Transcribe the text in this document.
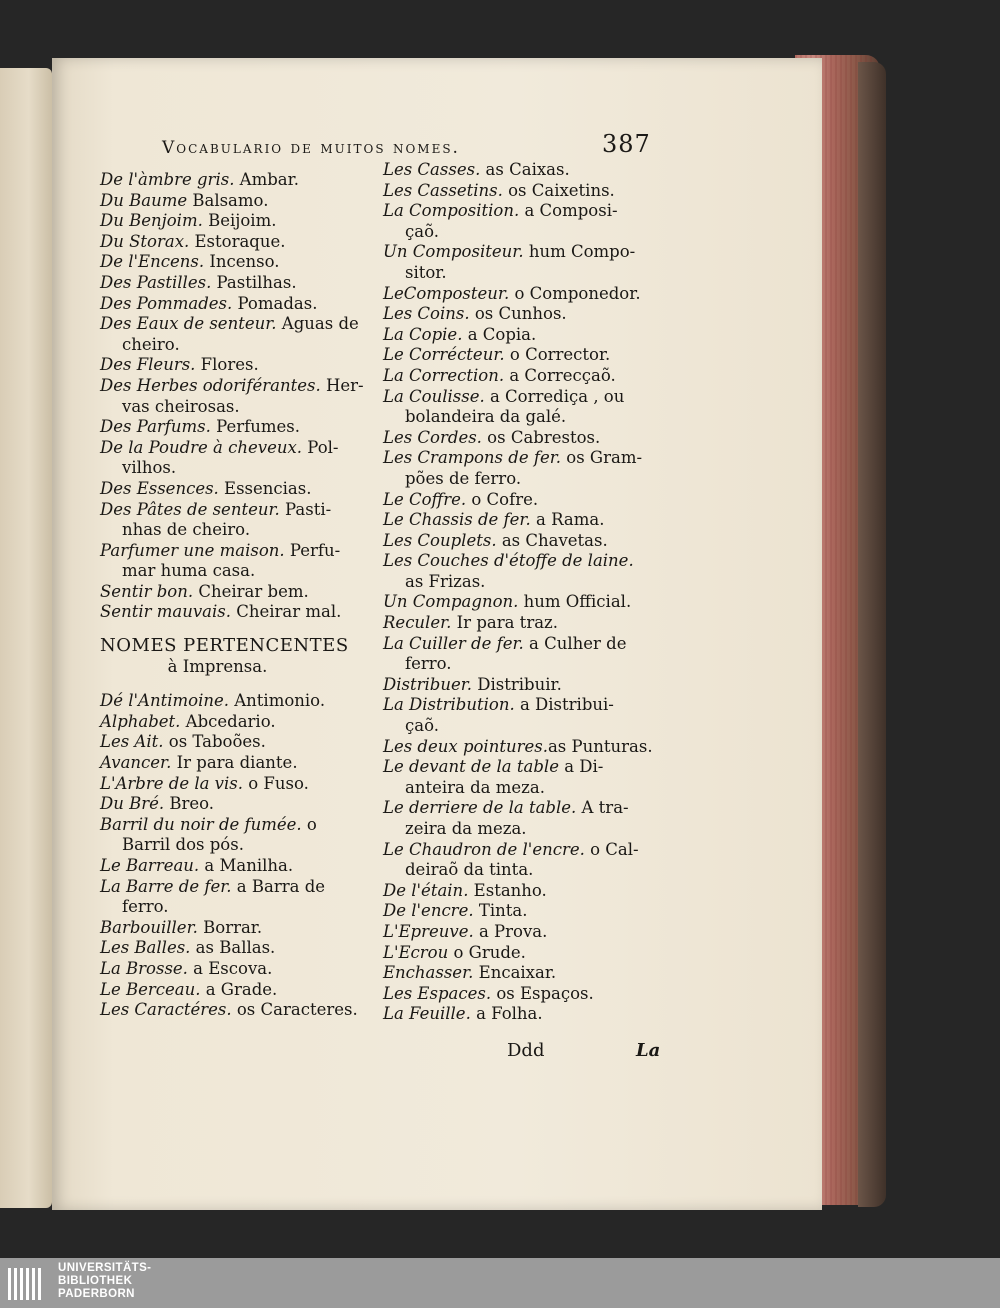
Vocabulario de muitos nomes.	387
De l'àmbre gris. Ambar.
Du Baume Balsamo.
Du Benjoim. Beijoim.
Du Storax. Estoraque.
De l'Encens. Incenso.
Des Pastilles. Pastilhas.
Des Pommades. Pomadas.
Des Eaux de senteur. Aguas de
cheiro.
Des Fleurs. Flores.
Des Herbes odoriférantes. Her-
vas cheirosas.
Des Parfums. Perfumes.
De la Poudre à cheveux. Pol-
vilhos.
Des Essences. Essencias.
Des Pâtes de senteur. Pasti-
nhas de cheiro.
Parfumer une maison. Perfu-
mar huma casa.
Sentir bon. Cheirar bem.
Sentir mauvais. Cheirar mal.
NOMES PERTENCENTES
à Imprensa.
Dé l'Antimoine. Antimonio.
Alphabet. Abcedario.
Les Ait. os Taboões.
Avancer. Ir para diante.
L'Arbre de la vis. o Fuso.
Du Bré. Breo.
Barril du noir de fumée. o
Barril dos pós.
Le Barreau. a Manilha.
La Barre de fer. a Barra de
ferro.
Barbouiller. Borrar.
Les Balles. as Ballas.
La Brosse. a Escova.
Le Berceau. a Grade.
Les Caractéres. os Caracteres.
Les Casses. as Caixas.
Les Cassetins. os Caixetins.
La Composition. a Composi-
çaõ.
Un Compositeur. hum Compo-
sitor.
LeComposteur. o Componedor.
Les Coins. os Cunhos.
La Copie. a Copia.
Le Corrécteur. o Corrector.
La Correction. a Correcçaõ.
La Coulisse. a Corrediça , ou
bolandeira da galé.
Les Cordes. os Cabrestos.
Les Crampons de fer. os Gram-
pões de ferro.
Le Coffre. o Cofre.
Le Chassis de fer. a Rama.
Les Couplets. as Chavetas.
Les Couches d'étoffe de laine.
as Frizas.
Un Compagnon. hum Official.
Reculer. Ir para traz.
La Cuiller de fer. a Culher de
ferro.
Distribuer. Distribuir.
La Distribution. a Distribui-
çaõ.
Les deux pointures.as Punturas.
Le devant de la table a Di-
anteira da meza.
Le derriere de la table. A tra-
zeira da meza.
Le Chaudron de l'encre. o Cal-
deiraõ da tinta.
De l'étain. Estanho.
De l'encre. Tinta.
L'Epreuve. a Prova.
L'Ecrou o Grude.
Enchasser. Encaixar.
Les Espaces. os Espaços.
La Feuille. a Folha.
Ddd	La
UNIVERSITÄTS-
BIBLIOTHEK
PADERBORN
